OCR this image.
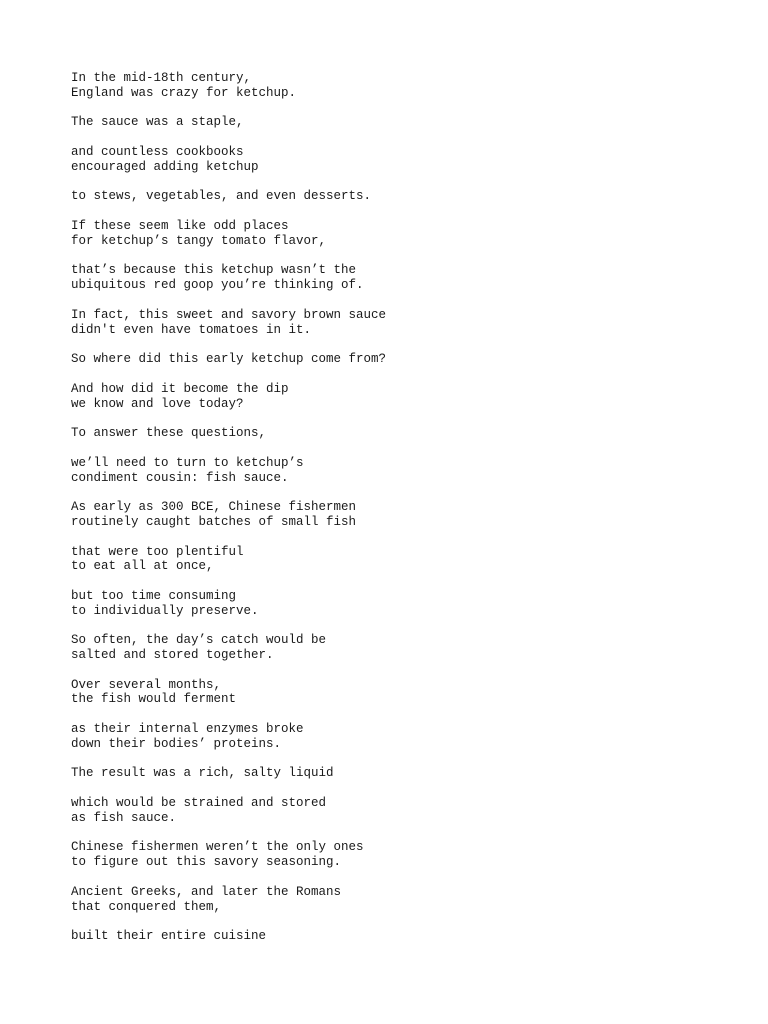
In the mid-18th century,
England was crazy for ketchup.
The sauce was a staple,
and countless cookbooks
encouraged adding ketchup
to stews, vegetables, and even desserts.
If these seem like odd places
for ketchup’s tangy tomato flavor,
that’s because this ketchup wasn’t the
ubiquitous red goop you’re thinking of.
In fact, this sweet and savory brown sauce
didn't even have tomatoes in it.
So where did this early ketchup come from?
And how did it become the dip
we know and love today?
To answer these questions,
we’ll need to turn to ketchup’s
condiment cousin: fish sauce.
As early as 300 BCE, Chinese fishermen
routinely caught batches of small fish
that were too plentiful
to eat all at once,
but too time consuming
to individually preserve.
So often, the day’s catch would be
salted and stored together.
Over several months,
the fish would ferment
as their internal enzymes broke
down their bodies’ proteins.
The result was a rich, salty liquid
which would be strained and stored
as fish sauce.
Chinese fishermen weren’t the only ones
to figure out this savory seasoning.
Ancient Greeks, and later the Romans
that conquered them,
built their entire cuisine
